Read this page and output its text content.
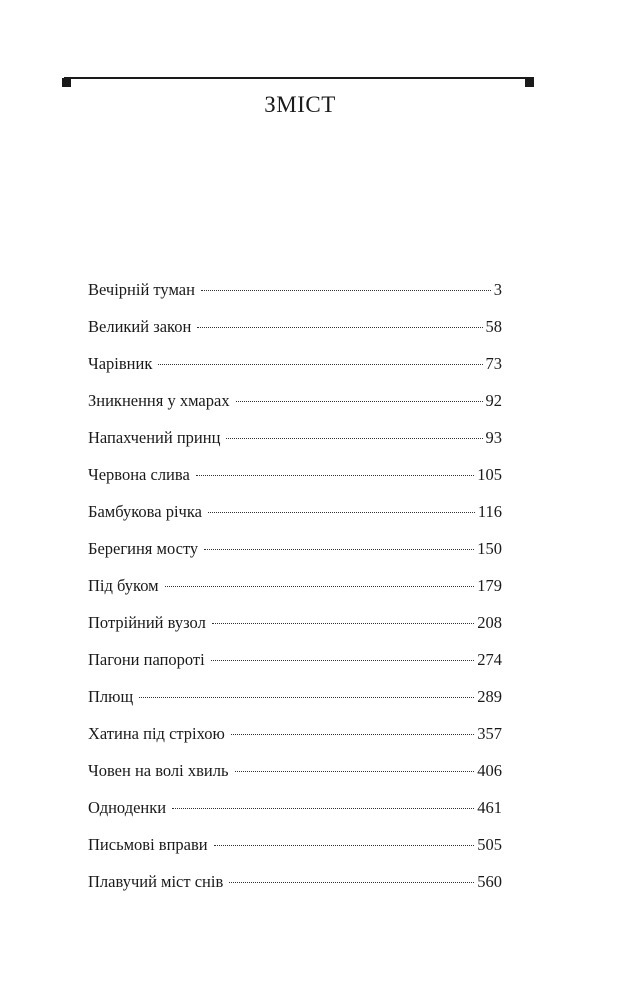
ЗМІСТ
Вечірній туман	3
Великий закон	58
Чарівник	73
Зникнення у хмарах	92
Напахчений принц	93
Червона слива	105
Бамбукова річка	116
Берегиня мосту	150
Під буком	179
Потрійний вузол	208
Пагони папороті	274
Плющ	289
Хатина під стріхою	357
Човен на волі хвиль	406
Одноденки	461
Письмові вправи	505
Плавучий міст снів	560
